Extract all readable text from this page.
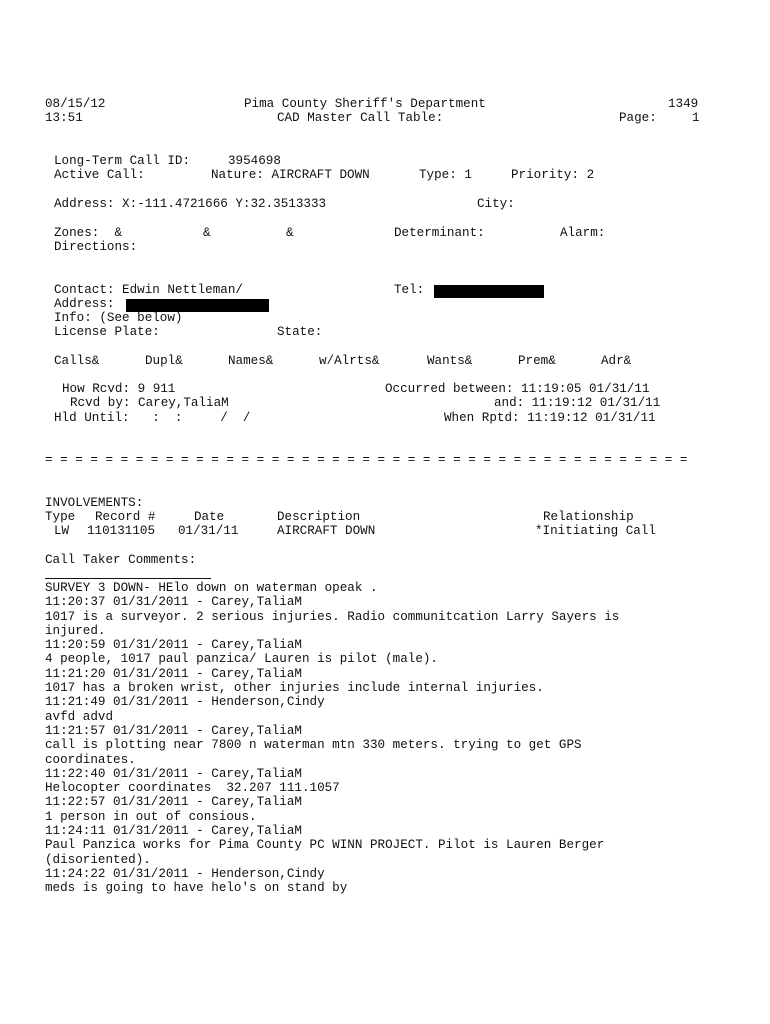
08/15/12
13:51
Pima County Sheriff's Department
CAD Master Call Table:
1349
Page:	1
Long-Term Call ID:	3954698
Active Call:	Nature: AIRCRAFT DOWN	Type: 1	Priority: 2
Address: X:-111.4721666 Y:32.3513333	City:
Zones:  &	&	&	Determinant:	Alarm:
Directions:
Contact: Edwin Nettleman/	Tel:
Address:
Info: (See below)
License Plate:	State:
Calls&	Dupl&	Names&	w/Alrts&	Wants&	Prem&	Adr&
How Rcvd: 9 911
Rcvd by: Carey,TaliaM
Hld Until:   :  :     /  /
Occurred between: 11:19:05 01/31/11
and: 11:19:12 01/31/11
When Rptd: 11:19:12 01/31/11
= = = = = = = = = = = = = = = = = = = = = = = = = = = = = = = = = = = = = = = = = = =
INVOLVEMENTS:
Type Record #	Date	Description	Relationship
LW 110131105 01/31/11	AIRCRAFT DOWN	*Initiating Call
Call Taker Comments:
SURVEY 3 DOWN- HElo down on waterman opeak .
11:20:37 01/31/2011 - Carey,TaliaM
1017 is a surveyor. 2 serious injuries. Radio communitcation Larry Sayers is
injured.
11:20:59 01/31/2011 - Carey,TaliaM
4 people, 1017 paul panzica/ Lauren is pilot (male).
11:21:20 01/31/2011 - Carey,TaliaM
1017 has a broken wrist, other injuries include internal injuries.
11:21:49 01/31/2011 - Henderson,Cindy
avfd advd
11:21:57 01/31/2011 - Carey,TaliaM
call is plotting near 7800 n waterman mtn 330 meters. trying to get GPS
coordinates.
11:22:40 01/31/2011 - Carey,TaliaM
Helocopter coordinates  32.207 111.1057
11:22:57 01/31/2011 - Carey,TaliaM
1 person in out of consious.
11:24:11 01/31/2011 - Carey,TaliaM
Paul Panzica works for Pima County PC WINN PROJECT. Pilot is Lauren Berger
(disoriented).
11:24:22 01/31/2011 - Henderson,Cindy
meds is going to have helo's on stand by
